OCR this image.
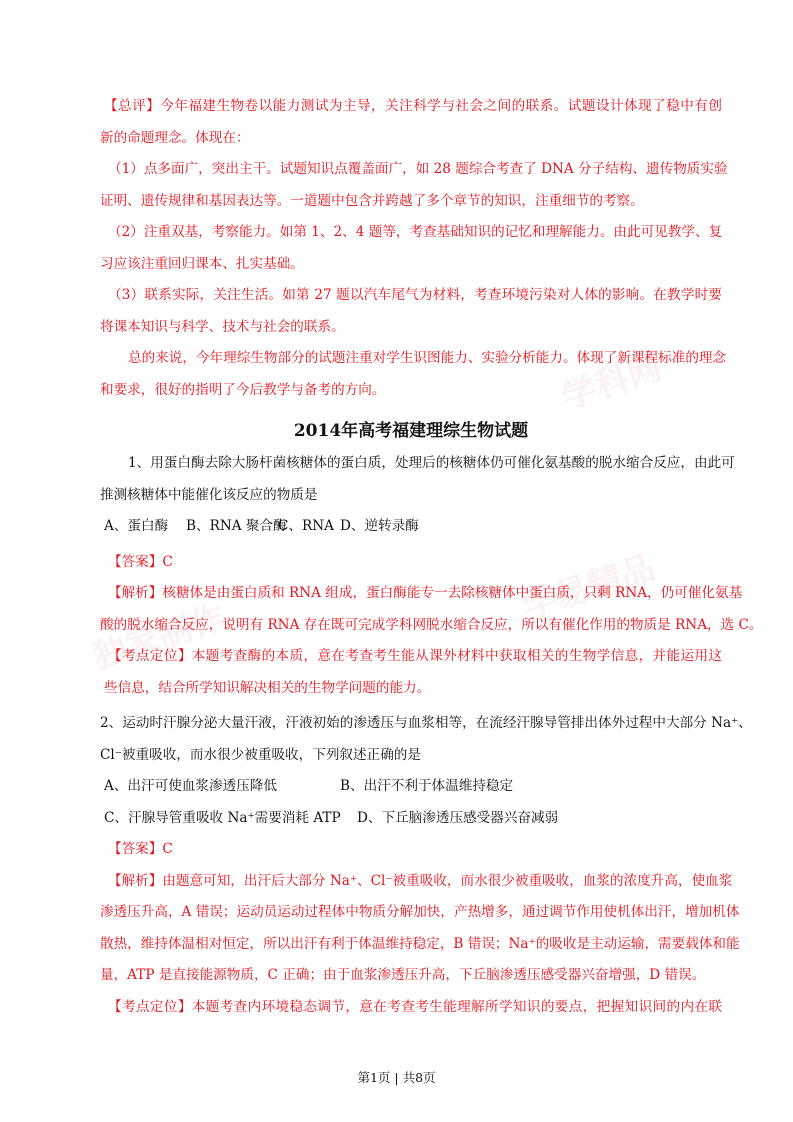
学科网
学易精品
独家制作
【总评】今年福建生物卷以能力测试为主导，关注科学与社会之间的联系。试题设计体现了稳中有创
新的命题理念。体现在：
（1）点多面广，突出主干。试题知识点覆盖面广，如 28 题综合考查了 DNA 分子结构、遗传物质实验
证明、遗传规律和基因表达等。一道题中包含并跨越了多个章节的知识，注重细节的考察。
（2）注重双基，考察能力。如第 1、2、4 题等，考查基础知识的记忆和理解能力。由此可见教学、复
习应该注重回归课本、扎实基础。
（3）联系实际，关注生活。如第 27 题以汽车尾气为材料，考查环境污染对人体的影响。在教学时要
将课本知识与科学、技术与社会的联系。
总的来说，今年理综生物部分的试题注重对学生识图能力、实验分析能力。体现了新课程标准的理念
和要求，很好的指明了今后教学与备考的方向。
2014年高考福建理综生物试题
1、用蛋白酶去除大肠杆菌核糖体的蛋白质，处理后的核糖体仍可催化氨基酸的脱水缩合反应，由此可
推测核糖体中能催化该反应的物质是
A、蛋白酶 B、RNA 聚合酶C、RNA D、逆转录酶
【答案】C
【解析】核糖体是由蛋白质和 RNA 组成，蛋白酶能专一去除核糖体中蛋白质，只剩 RNA，仍可催化氨基
酸的脱水缩合反应，说明有 RNA 存在既可完成学科网脱水缩合反应，所以有催化作用的物质是 RNA，选 C。
【考点定位】本题考查酶的本质，意在考查考生能从课外材料中获取相关的生物学信息，并能运用这
些信息，结合所学知识解决相关的生物学问题的能力。
2、运动时汗腺分泌大量汗液，汗液初始的渗透压与血浆相等，在流经汗腺导管排出体外过程中大部分 Na⁺、
Cl⁻被重吸收，而水很少被重吸收，下列叙述正确的是
A、出汗可使血浆渗透压降低	B、出汗不利于体温维持稳定
C、汗腺导管重吸收 Na⁺需要消耗 ATP D、下丘脑渗透压感受器兴奋减弱
【答案】C
【解析】由题意可知，出汗后大部分 Na⁺、Cl⁻被重吸收，而水很少被重吸收，血浆的浓度升高，使血浆
渗透压升高，A 错误；运动员运动过程体中物质分解加快，产热增多，通过调节作用使机体出汗，增加机体
散热，维持体温相对恒定，所以出汗有利于体温维持稳定，B 错误；Na⁺的吸收是主动运输，需要载体和能
量，ATP 是直接能源物质，C 正确；由于血浆渗透压升高，下丘脑渗透压感受器兴奋增强，D 错误。
【考点定位】本题考查内环境稳态调节，意在考查考生能理解所学知识的要点，把握知识间的内在联
第1页 | 共8页
